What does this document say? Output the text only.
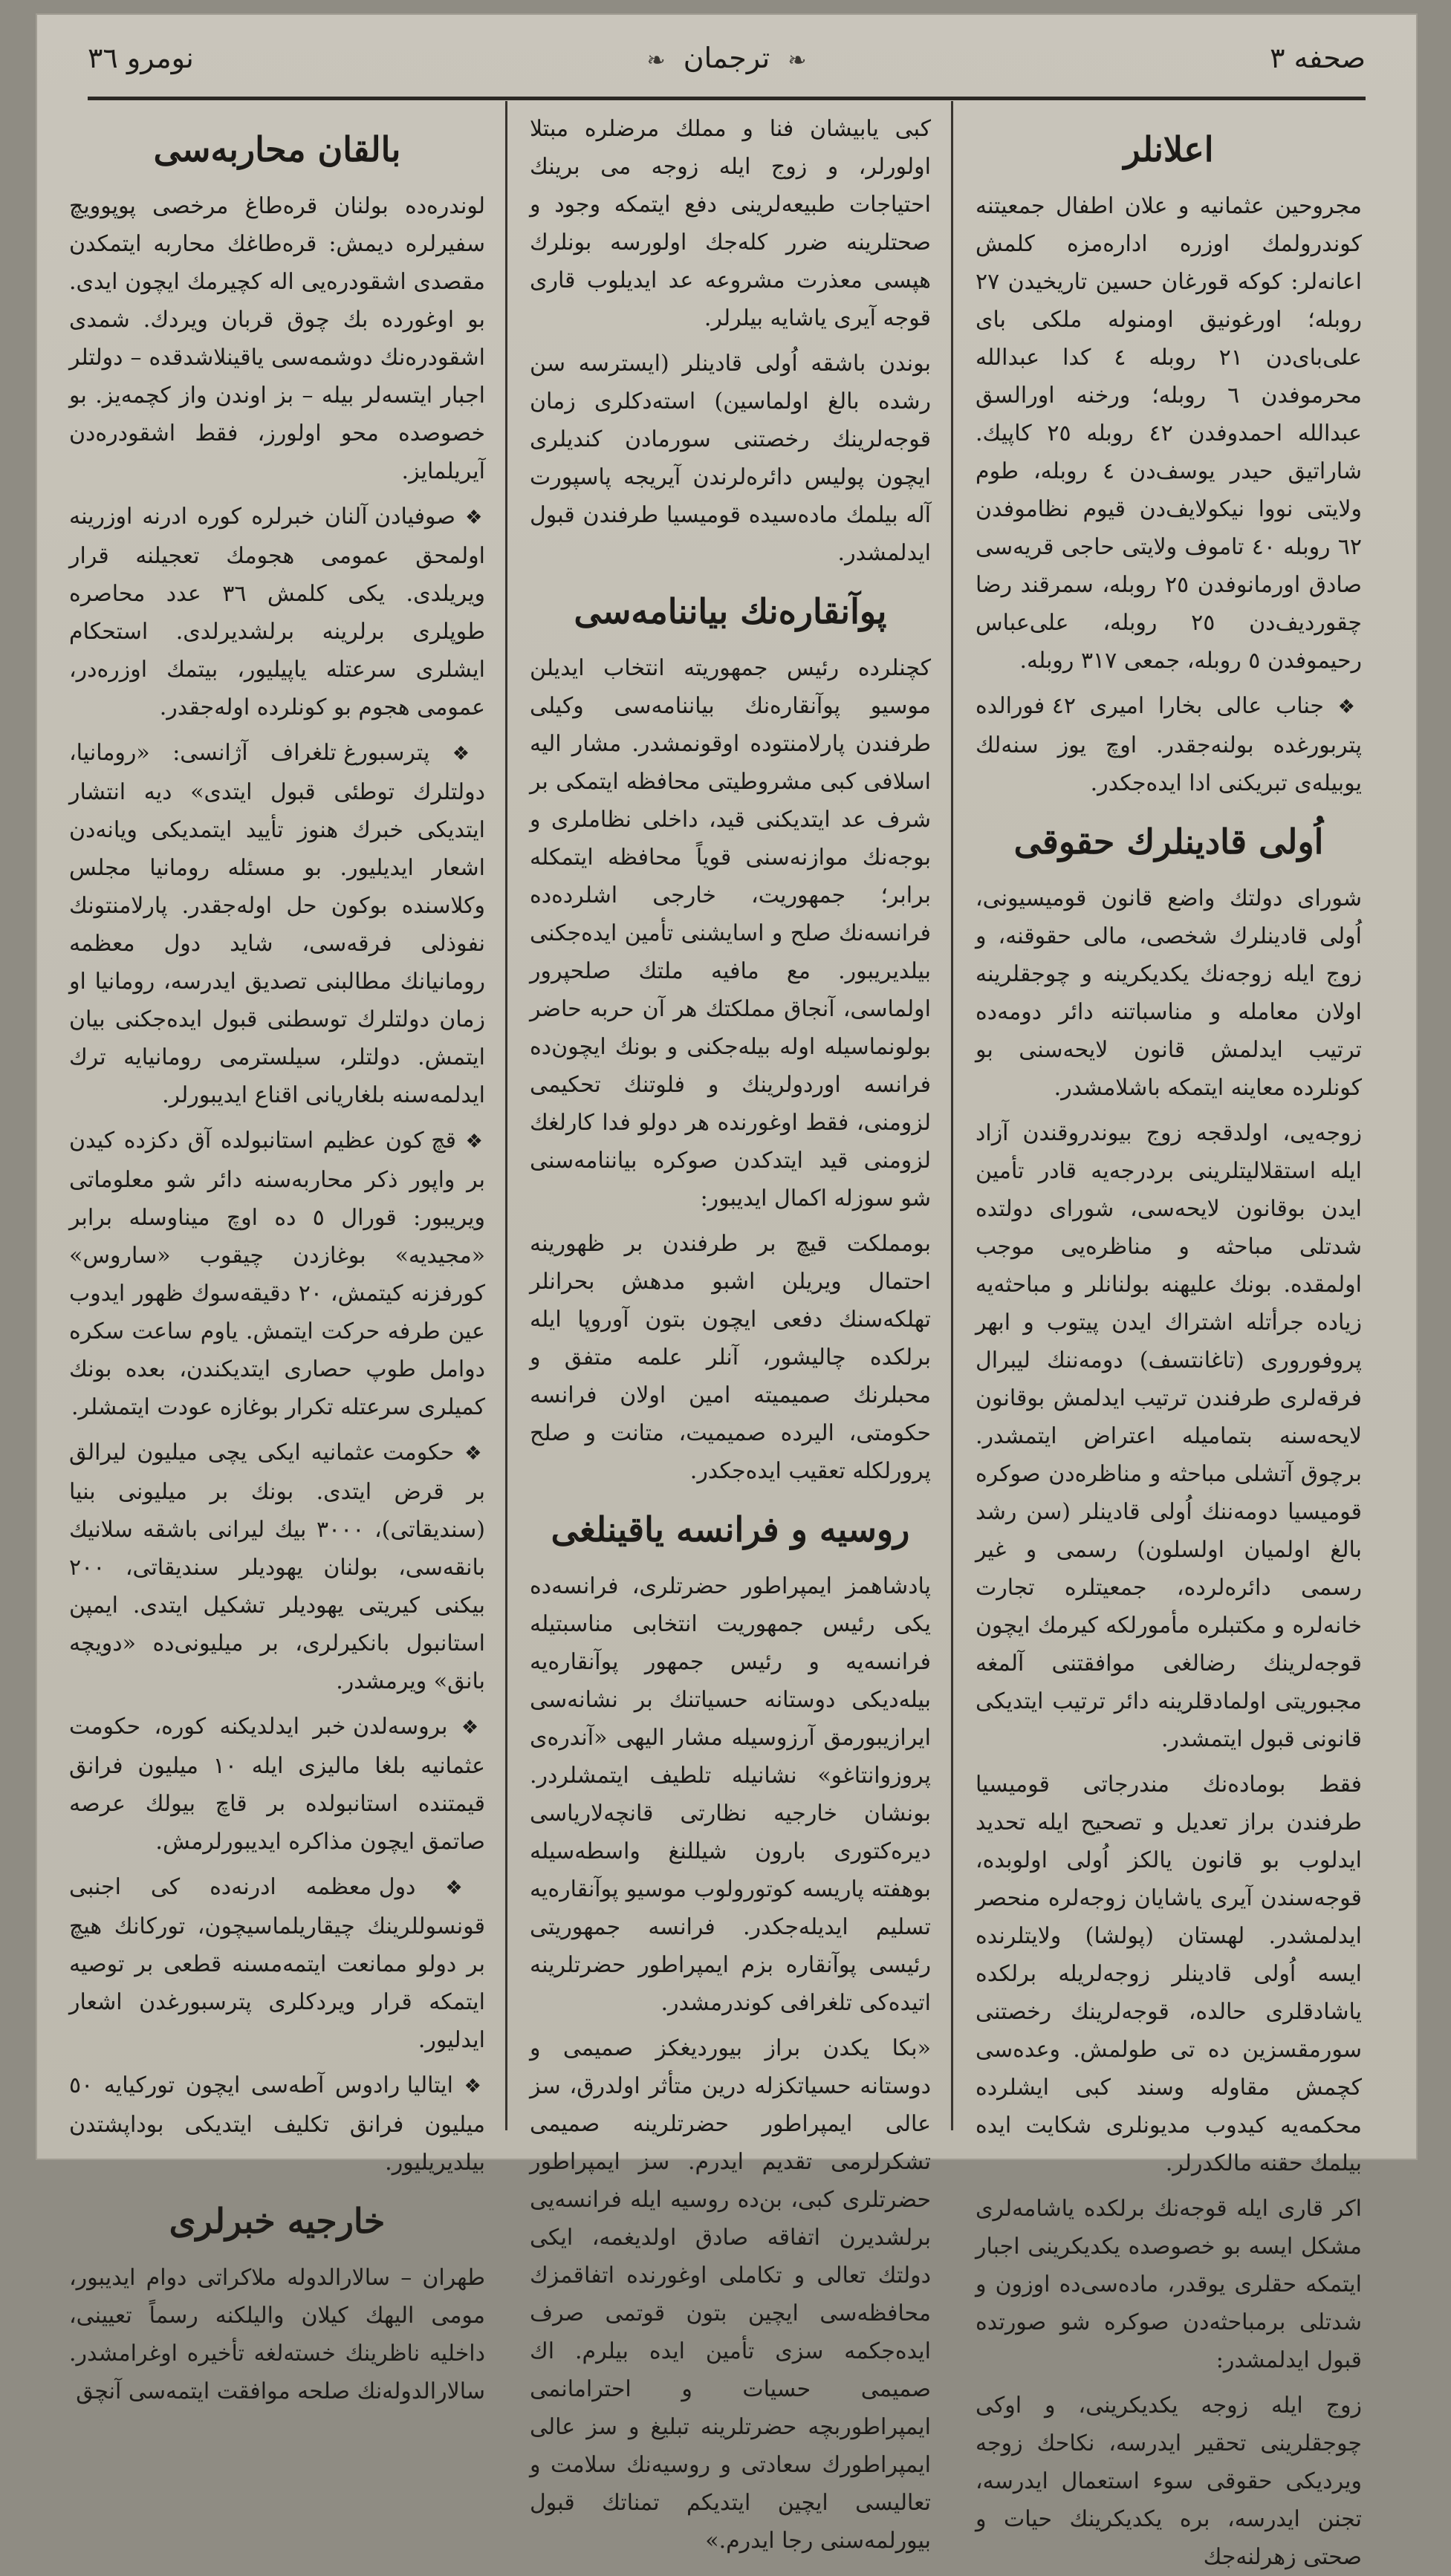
صحفه ٣
❧ ترجمان ❧
نومرو ٣٦
اعلانلر

مجروحین عثمانیه و علان اطفال جمعیتنه کوندرولمك اوزره اداره‌مزه کلمش اعانه‌لر: کوکه قورغان حسین تاریخیدن ٢٧ روبله؛ اورغونیق اومنوله ملکی بای علی‌بای‌دن ٢١ روبله ٤ کدا عبدالله محرموفدن ٦ روبله؛ ورخنه اورالسق عبدالله احمدوفدن ٤٢ روبله ٢٥ کاپیك. شاراتیق حیدر یوسف‌دن ٤ روبله، طوم ولایتی نووا نیکولایف‌دن قیوم نظاموفدن ٦٢ روبله ٤٠ تاموف ولایتی حاجی قریه‌سی صادق اورمانوفدن ٢٥ روبله، سمرقند رضا چقوردیف‌دن ٢٥ روبله، علی‌عباس رحیموفدن ٥ روبله، جمعی ٣١٧ روبله.

❖ جناب عالی بخارا امیری ٤٢ فورالده پتربورغده بولنه‌جقدر. اوچ یوز سنه‌لك یوبیله‌ی تبریکنی ادا ایده‌جکدر.

اُولی قادینلرك حقوقی

شورای دولتك واضع قانون قومیسیونی، اُولی قادینلرك شخصی، مالی حقوقنه، و زوج ایله زوجه‌نك یکدیکرینه و چوجقلرینه اولان معامله و مناسباتنه دائر دومه‌ده ترتیب ایدلمش قانون لایحه‌سنی بو کونلرده معاینه ایتمکه باشلامشدر.

زوجه‌یی، اولدقجه زوج بیوندروقندن آزاد ایله استقلالیتلرینی بردرجه‌یه قادر تأمین ایدن بوقانون لایحه‌سی، شورای دولتده شدتلی مباحثه و مناظره‌یی موجب اولمقده. بونك علیهنه بولنانلر و مباحثه‌یه زیاده جرأتله اشتراك ایدن پیتوب و ابهر پروفوروری (تاغانتسف) دومه‌ننك لیبرال فرقه‌لری طرفندن ترتیب ایدلمش بوقانون لایحه‌سنه بتمامیله اعتراض ایتمشدر. برچوق آتشلی مباحثه و مناظره‌دن صوکره قومیسیا دومه‌ننك اُولی قادینلر (سن رشد بالغ اولمیان اولسلون) رسمی و غیر رسمی دائره‌لرده، جمعیتلره تجارت خانه‌لره و مکتبلره مأمورلکه کیرمك ایچون قوجه‌لرینك رضالغی موافقتنی آلمغه مجبوریتی اولمادقلرینه دائر ترتیب ایتدیکی قانونی قبول ایتمشدر.

فقط بوماده‌نك مندرجاتی قومیسیا طرفندن براز تعدیل و تصحیح ایله تحدید ایدلوب بو قانون یالکز اُولی اولوبده، قوجه‌سندن آیری یاشایان زوجه‌لره منحصر ایدلمشدر. لهستان (پولشا) ولایتلرنده ایسه اُولی قادینلر زوجه‌لریله برلکده یاشادقلری حالده، قوجه‌لرینك رخصتنی سورمقسزین ده تی طولمش. وعده‌سی کچمش مقاوله وسند کبی ایشلرده محکمه‌یه کیدوب مدیونلری شکایت ایده بیلمك حقنه مالکدرلر.

اکر قاری ایله قوجه‌نك برلکده یاشامه‌لری مشکل ایسه بو خصوصده یکدیکرینی اجبار ایتمکه حقلری یوقدر، ماده‌سی‌ده اوزون و شدتلی برمباحثه‌دن صوکره شو صورتده قبول ایدلمشدر:

زوج ایله زوجه یکدیکرینی، و اوکی چوجقلرینی تحقیر ایدرسه، نکاحك زوجه ویردیکی حقوقی سوء استعمال ایدرسه، تجنن ایدرسه، بره یکدیکرینك حیات و صحتی زهرلنه‌جك

کبی یابیشان فنا و مملك مرضلره مبتلا اولورلر، و زوج ایله زوجه می برینك احتیاجات طبیعه‌لرینی دفع ایتمکه وجود و صحتلرینه ضرر کله‌جك اولورسه بونلرك هپسی معذرت مشروعه عد ایدیلوب قاری قوجه آیری یاشایه بیلرلر.

بوندن باشقه اُولی قادینلر (ایسترسه سن رشده بالغ اولماسین) استه‌دکلری زمان قوجه‌لرینك رخصتنی سورمادن کندیلری ایچون پولیس دائره‌لرندن آیریجه پاسپورت آله بیلمك ماده‌سیده قومیسیا طرفندن قبول ایدلمشدر.

پوآنقاره‌نك بیاننامه‌سی

کچنلرده رئیس جمهوریته انتخاب ایدیلن موسیو پوآنقاره‌نك بیاننامه‌سی وکیلی طرفندن پارلامنتوده اوقونمشدر. مشار الیه اسلافی کبی مشروطیتی محافظه ایتمکی بر شرف عد ایتدیکنی قید، داخلی نظاملری و بوجه‌نك موازنه‌سنی قویاً محافظه ایتمکله برابر؛ جمهوریت، خارجی اشلرده‌ده فرانسه‌نك صلح و اسایشنی تأمین ایده‌جکنی بیلدیریبور. مع مافیه ملتك صلحپرور اولماسی، آنجاق مملکتك هر آن حربه حاضر بولونماسیله اوله بیله‌جکنی و بونك ایچون‌ده فرانسه اوردولرینك و فلوتنك تحکیمی لزومنی، فقط اوغورنده هر دولو فدا کارلغك لزومنی قید ایتدکدن صوکره بیاننامه‌سنی شو سوزله اکمال ایدیبور:

بومملکت قیچ بر طرفندن بر ظهورینه احتمال ویریلن اشبو مدهش بحرانلر تهلکه‌سنك دفعی ایچون بتون آوروپا ایله برلکده چالیشور، آنلر علمه متفق و محبلرنك صمیمیته امین اولان فرانسه حکومتی، الیرده صمیمیت، متانت و صلح پرورلکله تعقیب ایده‌جکدر.

روسیه و فرانسه یاقینلغی

پادشاهمز ایمپراطور حضرتلری، فرانسه‌ده یکی رئیس جمهوریت انتخابی مناسبتیله فرانسه‌یه و رئیس جمهور پوآنقاره‌یه بیله‌دیکی دوستانه حسیاتنك بر نشانه‌سی ایرازیبورمق آرزوسیله مشار الیهی «آندره‌ی پروزوانتاغو» نشانیله تلطیف ایتمشلردر. بونشان خارجیه نظارتی قانچه‌لاریاسی دیره‌کتوری بارون شیللنغ واسطه‌سیله بوهفته پاریسه کوتورولوب موسیو پوآنقاره‌یه تسلیم ایدیله‌جکدر. فرانسه جمهوریتی رئیسی پوآنقاره بزم ایمپراطور حضرتلرینه اتیده‌کی تلغرافی کوندرمشدر.

«بکا یکدن براز بیوردیغکز صمیمی و دوستانه حسیاتکزله درین متأثر اولدرق، سز عالی ایمپراطور حضرتلرینه صمیمی تشکرلرمی تقدیم ایدرم. سز ایمپراطور حضرتلری کبی، بن‌ده روسیه ایله فرانسه‌یی برلشدیرن اتفاقه صادق اولدیغمه، ایکی دولتك تعالی و تکاملی اوغورنده اتفاقمزك محافظه‌سی ایچین بتون قوتمی صرف ایده‌جکمه سزی تأمین ایده بیلرم. اك صمیمی حسیات و احترامانمی ایمپراطوربچه حضرتلرینه تبلیغ و سز عالی ایمپراطورك سعادتی و روسیه‌نك سلامت و تعالیسی ایچین ایتدیکم تمناتك قبول بیورلمه‌سنی رجا ایدرم.»

بالقان محاربه‌سی

لوندره‌ده بولنان قره‌طاغ مرخصی پوپوویچ سفیرلره دیمش: قره‌طاغك محاربه ایتمکدن مقصدی اشقودره‌یی اله کچیرمك ایچون ایدی. بو اوغورده بك چوق قربان ویردك. شمدی اشقودره‌نك دوشمه‌سی یاقینلاشدقده – دولتلر اجبار ایتسه‌لر بیله – بز اوندن واز کچمه‌یز. بو خصوصده محو اولورز، فقط اشقودره‌دن آیریلمایز.

❖ صوفیادن آلنان خبرلره کوره ادرنه اوزرینه اولمحق عمومی هجومك تعجیلنه قرار ویریلدی. یکی کلمش ٣٦ عدد محاصره طوپلری برلرینه برلشدیرلدی. استحکام ایشلری سرعتله یاپیلیور، بیتمك اوزره‌در، عمومی هجوم بو کونلرده اوله‌جقدر.

❖ پترسبورغ تلغراف آژانسی: «رومانیا، دولتلرك توطئی قبول ایتدی» دیه انتشار ایتدیکی خبرك هنوز تأیید ایتمدیکی ویانه‌دن اشعار ایدیلیور. بو مسئله رومانیا مجلس وکلاسنده بوکون حل اوله‌جقدر. پارلامنتونك نفوذلی فرقه‌سی، شاید دول معظمه رومانیانك مطالبنی تصدیق ایدرسه، رومانیا او زمان دولتلرك توسطنی قبول ایده‌جکنی بیان ایتمش. دولتلر، سیلسترمی رومانیایه ترك ایدلمه‌سنه بلغاریانی اقناع ایدیبورلر.

❖ قچ کون عظیم استانبولده آق دکزده کیدن بر واپور ذکر محاربه‌سنه دائر شو معلوماتی ویریبور: قورال ٥ ده اوچ میناوسله برابر «مجیدیه» بوغازدن چیقوب «ساروس» کورفزنه کیتمش، ٢٠ دقیقه‌سوك ظهور ایدوب عین طرفه حرکت ایتمش. یاوم ساعت سکره دوامل طوپ حصاری ایتدیکندن، بعده بونك کمیلری سرعتله تکرار بوغازه عودت ایتمشلر.

❖ حکومت عثمانیه ایکی یچی میلیون لیرالق بر قرض ایتدی. بونك بر میلیونی بنیا (سندیقاتی)، ٣٠٠٠ بیك لیرانی باشقه سلانیك بانقه‌سی، بولنان یهودیلر سندیقاتی، ٢٠٠ بیکنی کیریتی یهودیلر تشکیل ایتدی. ایمپن استانبول بانکیرلری، بر میلیونی‌ده «دویچه بانق» ویرمشدر.

❖ بروسه‌لدن خبر ایدلدیکنه کوره، حکومت عثمانیه بلغا مالیزی ایله ١٠ میلیون فرانق قیمتنده استانبولده بر قاچ بیولك عرصه صاتمق ایچون مذاکره ایدیبورلرمش.

❖ دول معظمه ادرنه‌ده کی اجنبی قونسوللرینك چیقاریلماسیچون، تورکانك هیچ بر دولو ممانعت ایتمه‌مسنه قطعی بر توصیه ایتمکه قرار ویردکلری پترسبورغدن اشعار ایدلیور.

❖ ایتالیا رادوس آطه‌سی ایچون تورکیایه ٥٠ میلیون فرانق تکلیف ایتدیکی بوداپشتدن بیلدیریلیور.

خارجیه خبرلری

طهران – سالارالدوله ملاکراتی دوام ایدیبور، مومی الیهك کیلان والیلکنه رسماً تعیینی، داخلیه ناظرینك خسته‌لغه تأخیره اوغرامشدر. سالارالدوله‌نك صلحه موافقت ایتمه‌سی آنچق
